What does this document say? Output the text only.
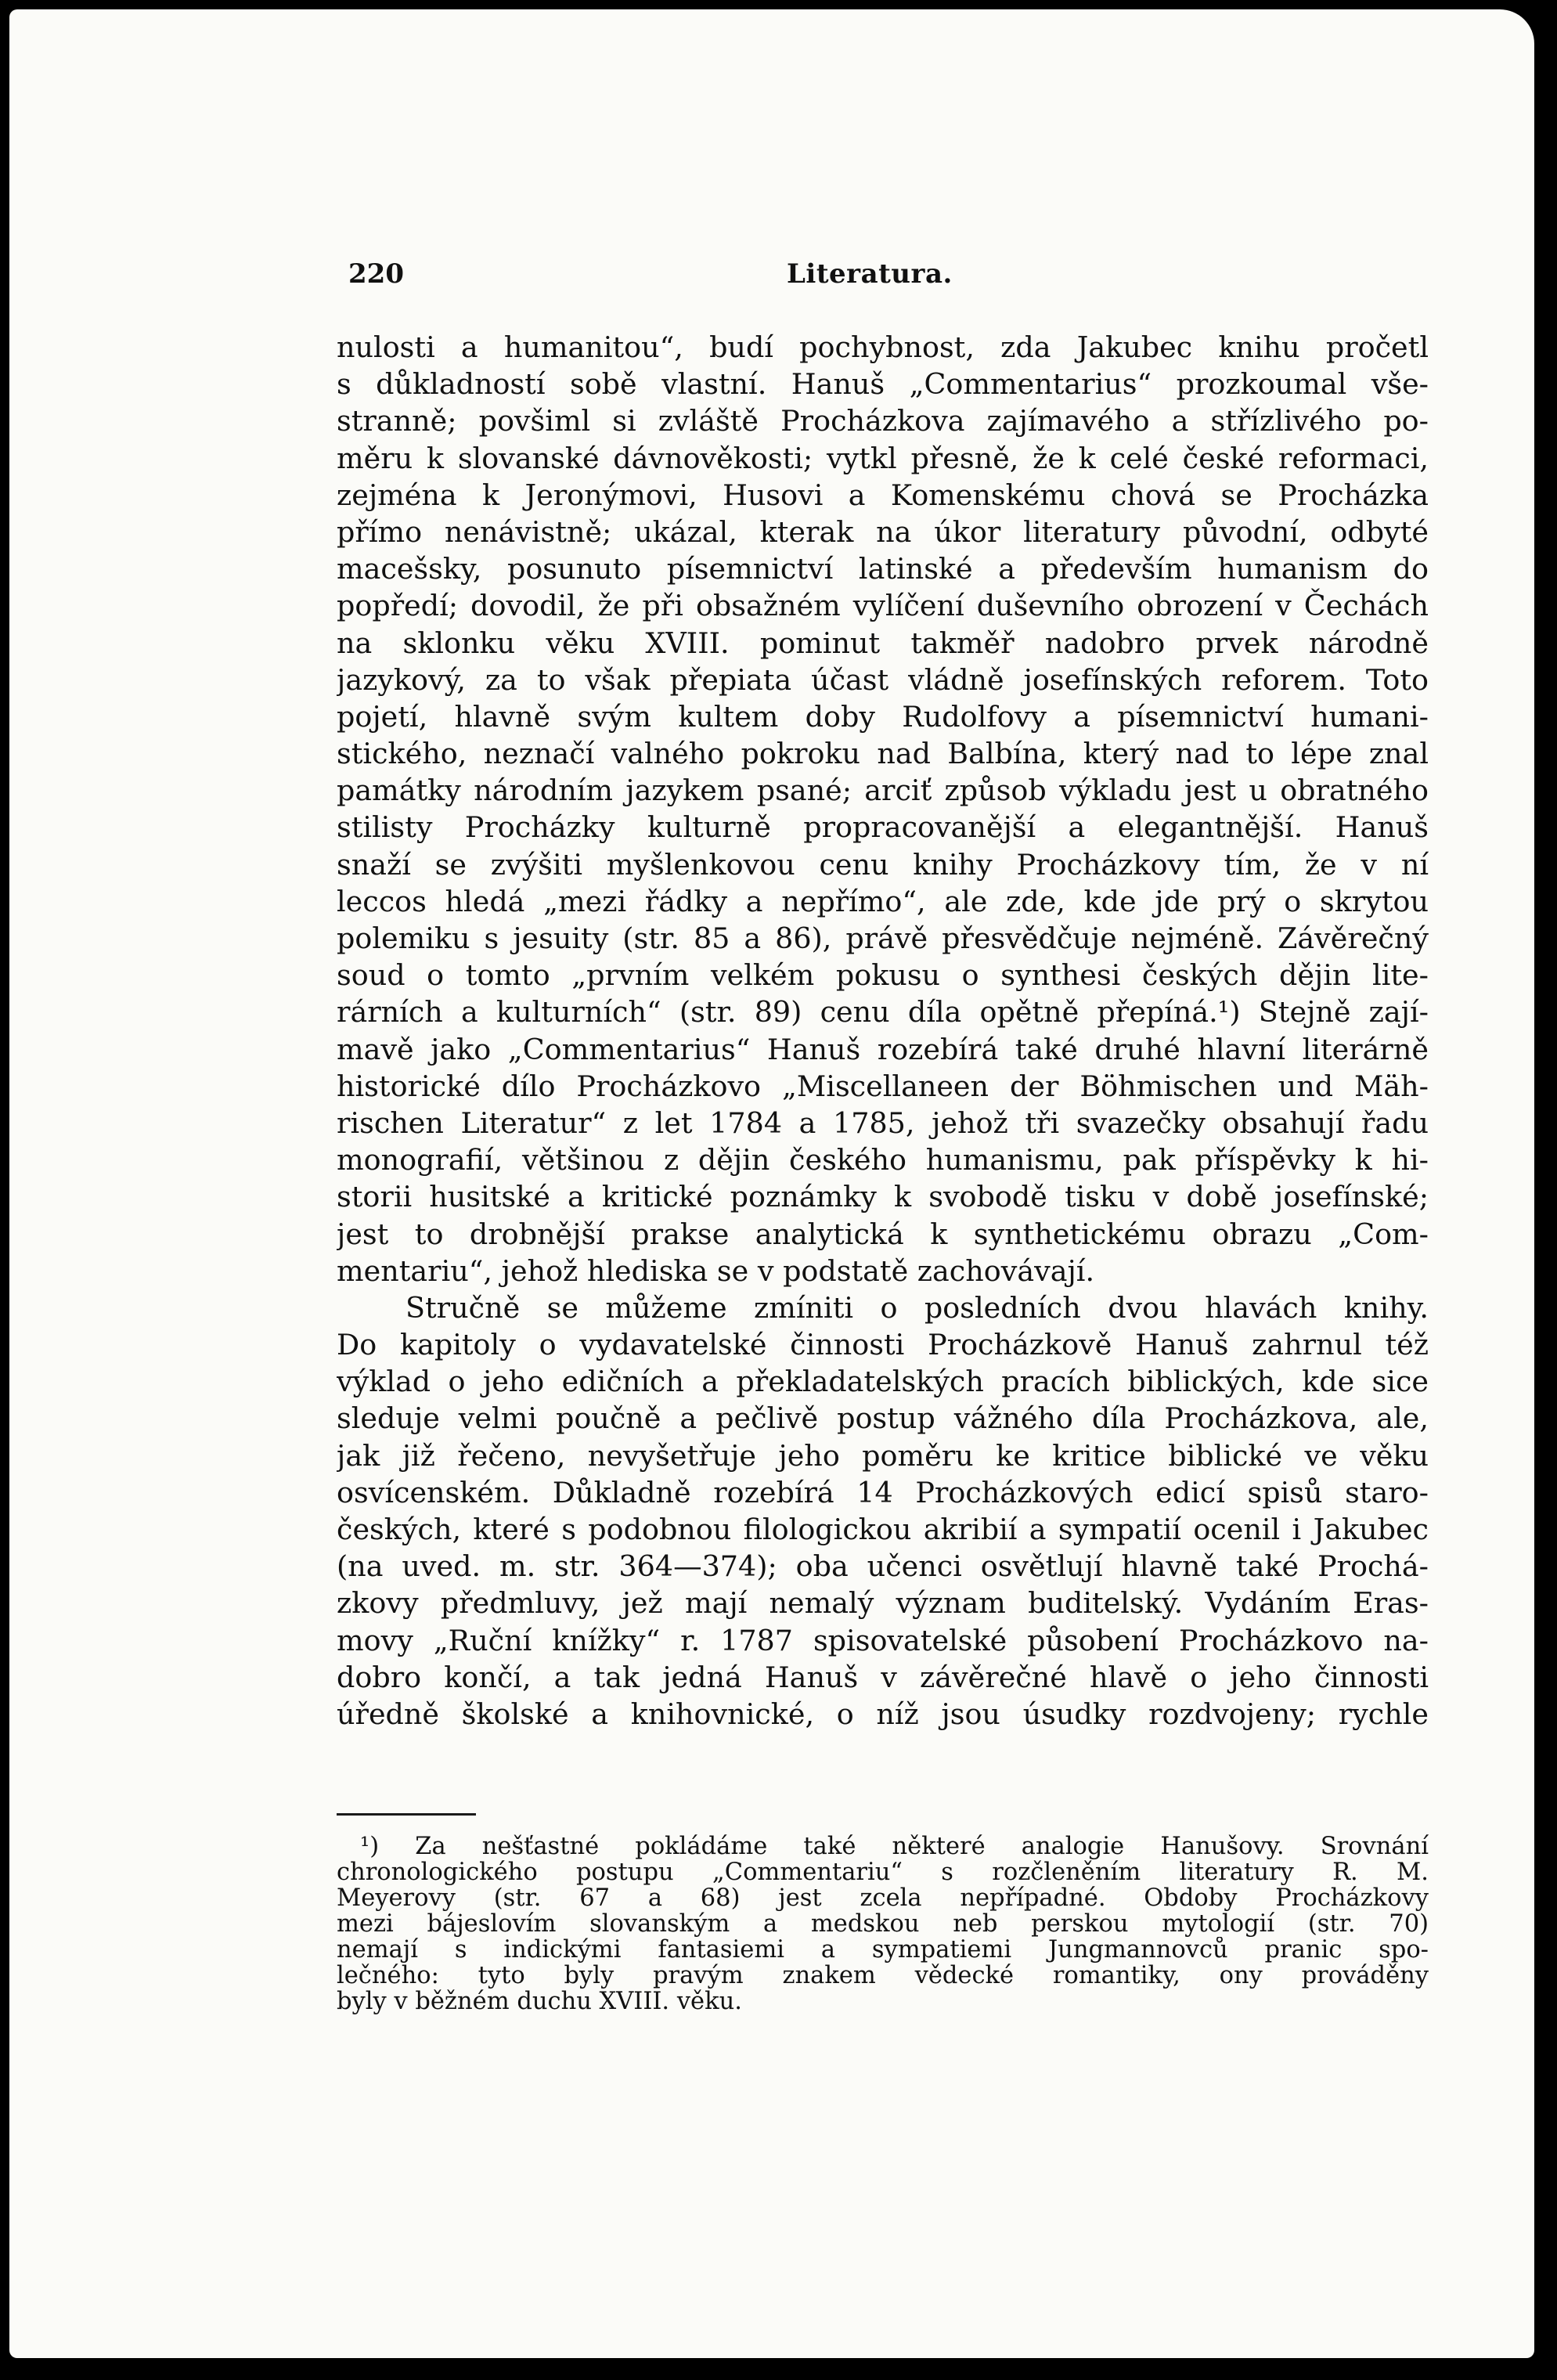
220	Literatura.
nulosti a humanitou“, budí pochybnost, zda Jakubec knihu pročetl
s důkladností sobě vlastní. Hanuš „Commentarius“ prozkoumal vše-
stranně; povšiml si zvláště Procházkova zajímavého a střízlivého po-
měru k slovanské dávnověkosti; vytkl přesně, že k celé české reformaci,
zejména k Jeronýmovi, Husovi a Komenskému chová se Procházka
přímo nenávistně; ukázal, kterak na úkor literatury původní, odbyté
macešsky, posunuto písemnictví latinské a především humanism do
popředí; dovodil, že při obsažném vylíčení duševního obrození v Čechách
na sklonku věku XVIII. pominut takměř nadobro prvek národně
jazykový, za to však přepiata účast vládně josefínských reforem. Toto
pojetí, hlavně svým kultem doby Rudolfovy a písemnictví humani-
stického, neznačí valného pokroku nad Balbína, který nad to lépe znal
památky národním jazykem psané; arciť způsob výkladu jest u obratného
stilisty Procházky kulturně propracovanější a elegantnější. Hanuš
snaží se zvýšiti myšlenkovou cenu knihy Procházkovy tím, že v ní
leccos hledá „mezi řádky a nepřímo“, ale zde, kde jde prý o skrytou
polemiku s jesuity (str. 85 a 86), právě přesvědčuje nejméně. Závěrečný
soud o tomto „prvním velkém pokusu o synthesi českých dějin lite-
rárních a kulturních“ (str. 89) cenu díla opětně přepíná.¹) Stejně zají-
mavě jako „Commentarius“ Hanuš rozebírá také druhé hlavní literárně
historické dílo Procházkovo „Miscellaneen der Böhmischen und Mäh-
rischen Literatur“ z let 1784 a 1785, jehož tři svazečky obsahují řadu
monografií, většinou z dějin českého humanismu, pak příspěvky k hi-
storii husitské a kritické poznámky k svobodě tisku v době josefínské;
jest to drobnější prakse analytická k synthetickému obrazu „Com-
mentariu“, jehož hlediska se v podstatě zachovávají.
Stručně se můžeme zmíniti o posledních dvou hlavách knihy.
Do kapitoly o vydavatelské činnosti Procházkově Hanuš zahrnul též
výklad o jeho edičních a překladatelských pracích biblických, kde sice
sleduje velmi poučně a pečlivě postup vážného díla Procházkova, ale,
jak již řečeno, nevyšetřuje jeho poměru ke kritice biblické ve věku
osvícenském. Důkladně rozebírá 14 Procházkových edicí spisů staro-
českých, které s podobnou filologickou akribií a sympatií ocenil i Jakubec
(na uved. m. str. 364—374); oba učenci osvětlují hlavně také Prochá-
zkovy předmluvy, jež mají nemalý význam buditelský. Vydáním Eras-
movy „Ruční knížky“ r. 1787 spisovatelské působení Procházkovo na-
dobro končí, a tak jedná Hanuš v závěrečné hlavě o jeho činnosti
úředně školské a knihovnické, o níž jsou úsudky rozdvojeny; rychle
¹) Za nešťastné pokládáme také některé analogie Hanušovy. Srovnání
chronologického postupu „Commentariu“ s rozčleněním literatury R. M.
Meyerovy (str. 67 a 68) jest zcela nepřípadné. Obdoby Procházkovy
mezi bájeslovím slovanským a medskou neb perskou mytologií (str. 70)
nemají s indickými fantasiemi a sympatiemi Jungmannovců pranic spo-
lečného: tyto byly pravým znakem vědecké romantiky, ony prováděny
byly v běžném duchu XVIII. věku.
